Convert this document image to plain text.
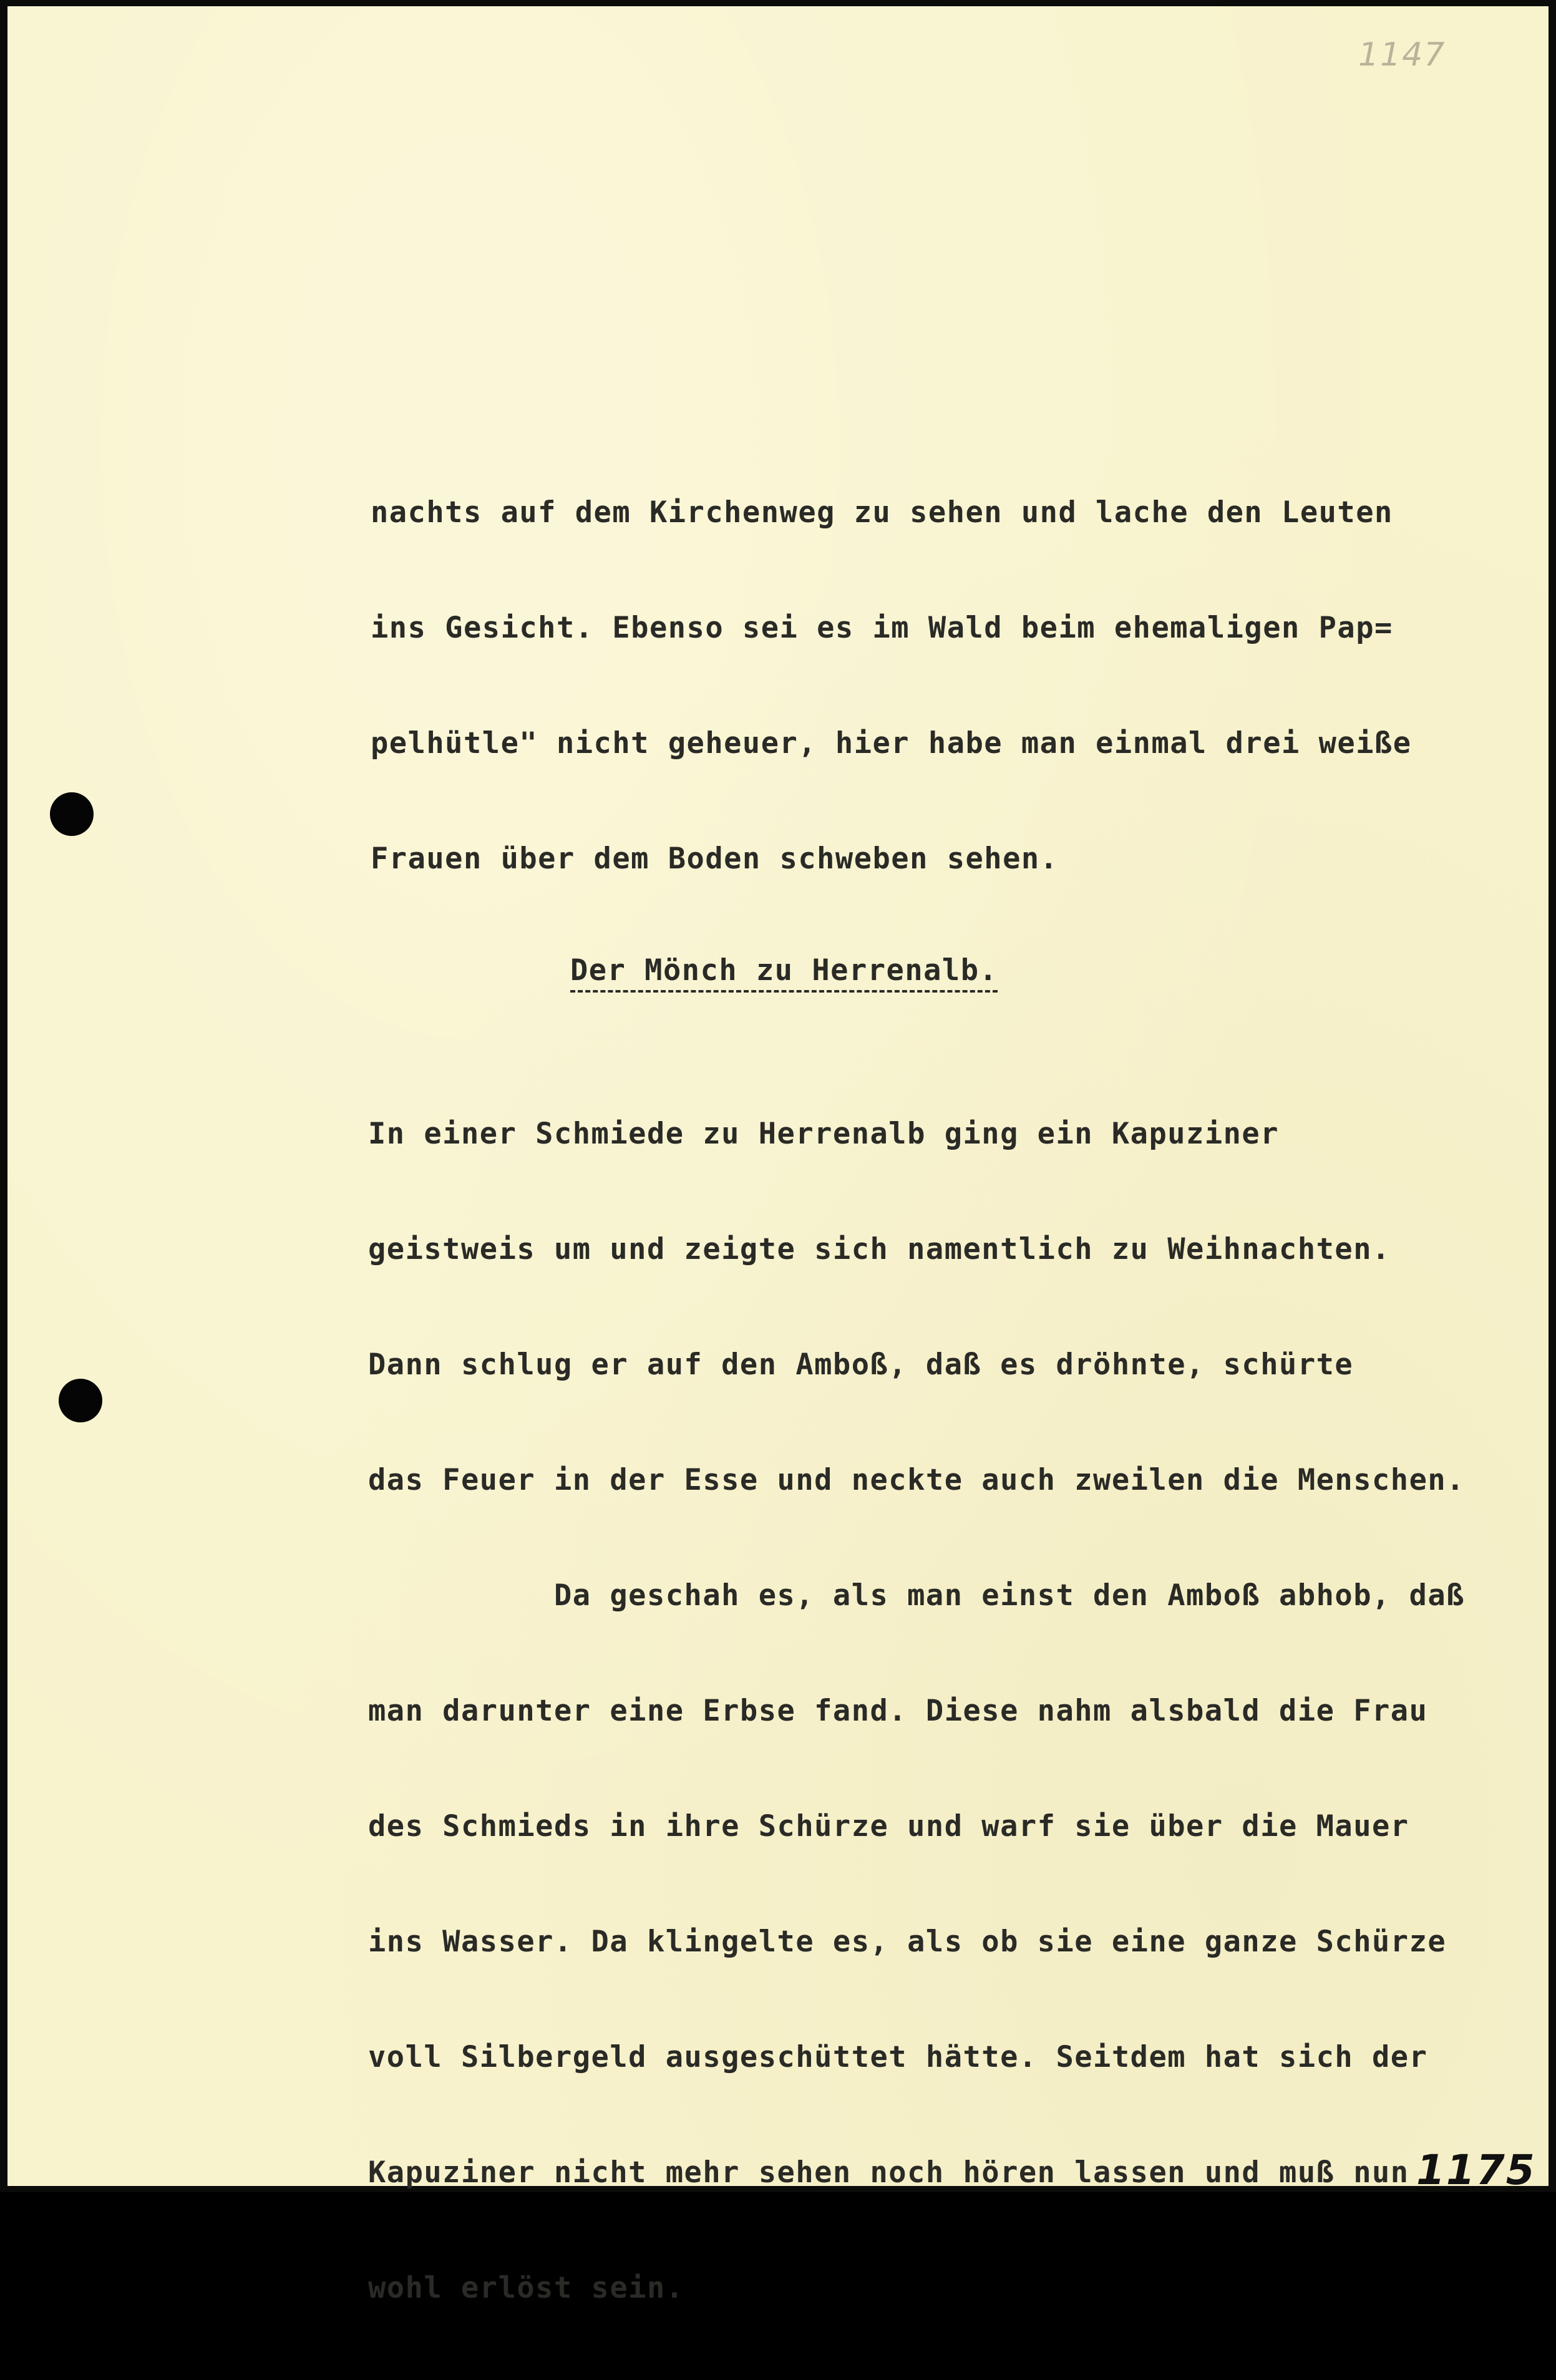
1147

nachts auf dem Kirchenweg zu sehen und lache den Leuten

ins Gesicht. Ebenso sei es im Wald beim ehemaligen Pap=

pelhütle" nicht geheuer, hier habe man einmal drei weiße

Frauen über dem Boden schweben sehen.

Der Mönch zu Herrenalb.

In einer Schmiede zu Herrenalb ging ein Kapuziner

geistweis um und zeigte sich namentlich zu Weihnachten.

Dann schlug er auf den Amboß, daß es dröhnte, schürte

das Feuer in der Esse und neckte auch zweilen die Menschen.

Da geschah es, als man einst den Amboß abhob, daß

man darunter eine Erbse fand. Diese nahm alsbald die Frau

des Schmieds in ihre Schürze und warf sie über die Mauer

ins Wasser. Da klingelte es, als ob sie eine ganze Schürze

voll Silbergeld ausgeschüttet hätte. Seitdem hat sich der

Kapuziner nicht mehr sehen noch hören lassen und muß nun

wohl erlöst sein.

1175
